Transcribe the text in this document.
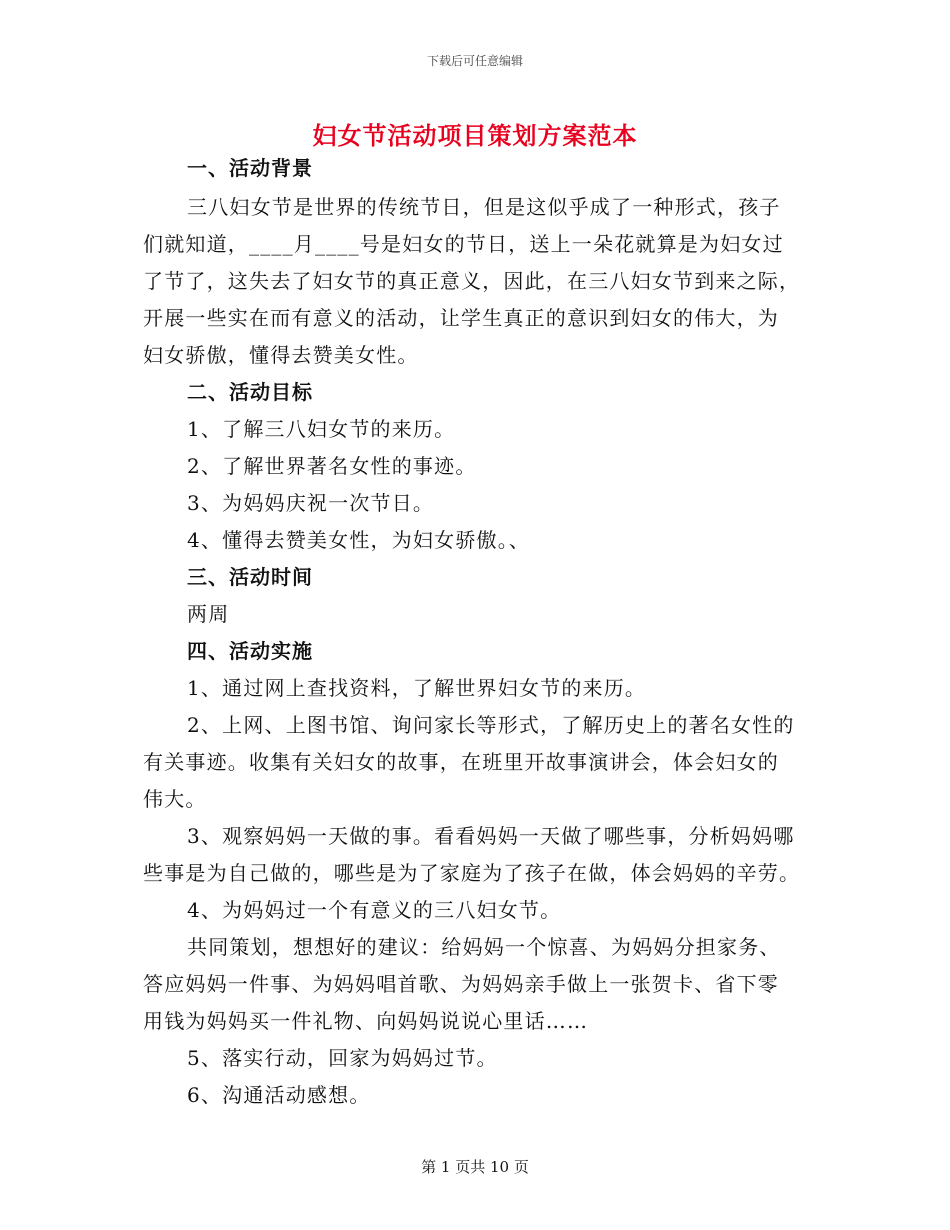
下载后可任意编辑
妇女节活动项目策划方案范本
一、活动背景
三八妇女节是世界的传统节日，但是这似乎成了一种形式，孩子
们就知道，____月____号是妇女的节日，送上一朵花就算是为妇女过
了节了，这失去了妇女节的真正意义，因此，在三八妇女节到来之际，
开展一些实在而有意义的活动，让学生真正的意识到妇女的伟大，为
妇女骄傲，懂得去赞美女性。
二、活动目标
1、了解三八妇女节的来历。
2、了解世界著名女性的事迹。
3、为妈妈庆祝一次节日。
4、懂得去赞美女性，为妇女骄傲。、
三、活动时间
两周
四、活动实施
1、通过网上查找资料，了解世界妇女节的来历。
2、上网、上图书馆、询问家长等形式，了解历史上的著名女性的
有关事迹。收集有关妇女的故事，在班里开故事演讲会，体会妇女的
伟大。
3、观察妈妈一天做的事。看看妈妈一天做了哪些事，分析妈妈哪
些事是为自己做的，哪些是为了家庭为了孩子在做，体会妈妈的辛劳。
4、为妈妈过一个有意义的三八妇女节。
共同策划，想想好的建议：给妈妈一个惊喜、为妈妈分担家务、
答应妈妈一件事、为妈妈唱首歌、为妈妈亲手做上一张贺卡、省下零
用钱为妈妈买一件礼物、向妈妈说说心里话……
5、落实行动，回家为妈妈过节。
6、沟通活动感想。
第 1 页共 10 页
